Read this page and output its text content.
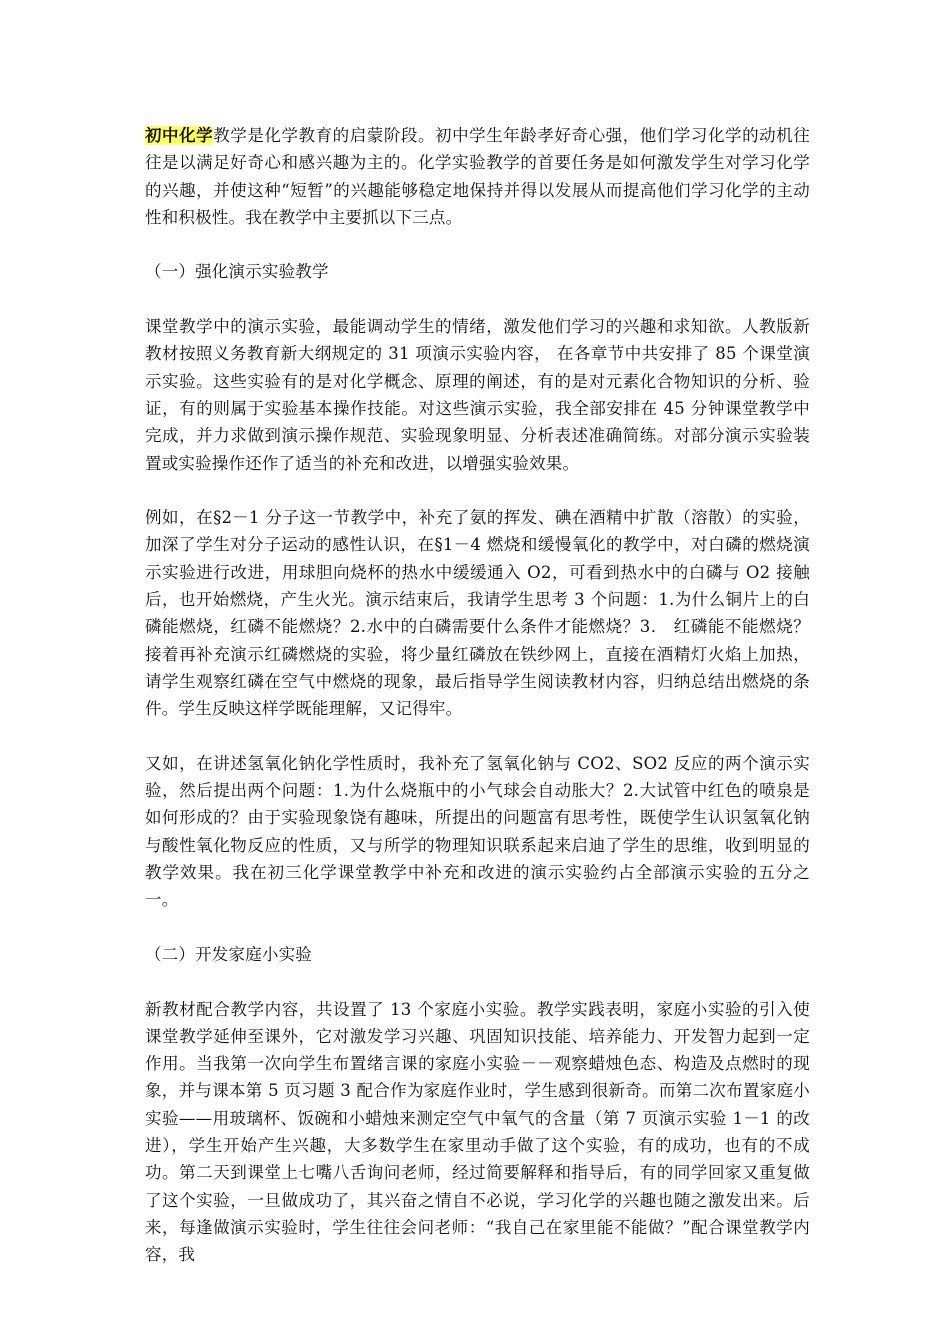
初中化学教学是化学教育的启蒙阶段。初中学生年龄孝好奇心强，他们学习化学的动机往往是以满足好奇心和感兴趣为主的。化学实验教学的首要任务是如何激发学生对学习化学的兴趣，并使这种“短暂”的兴趣能够稳定地保持并得以发展从而提高他们学习化学的主动性和积极性。我在教学中主要抓以下三点。

（一）强化演示实验教学

课堂教学中的演示实验，最能调动学生的情绪，激发他们学习的兴趣和求知欲。人教版新教材按照义务教育新大纲规定的 31 项演示实验内容， 在各章节中共安排了 85 个课堂演示实验。这些实验有的是对化学概念、原理的阐述，有的是对元素化合物知识的分析、验证，有的则属于实验基本操作技能。对这些演示实验，我全部安排在 45 分钟课堂教学中完成，并力求做到演示操作规范、实验现象明显、分析表述准确简练。对部分演示实验装置或实验操作还作了适当的补充和改进，以增强实验效果。

例如，在§2－1 分子这一节教学中，补充了氨的挥发、碘在酒精中扩散（溶散）的实验，加深了学生对分子运动的感性认识，在§1－4 燃烧和缓慢氧化的教学中，对白磷的燃烧演示实验进行改进，用球胆向烧杯的热水中缓缓通入 O2，可看到热水中的白磷与 O2 接触后，也开始燃烧，产生火光。演示结束后，我请学生思考 3 个问题：1.为什么铜片上的白磷能燃烧，红磷不能燃烧？2.水中的白磷需要什么条件才能燃烧？3． 红磷能不能燃烧？接着再补充演示红磷燃烧的实验，将少量红磷放在铁纱网上，直接在酒精灯火焰上加热，请学生观察红磷在空气中燃烧的现象，最后指导学生阅读教材内容，归纳总结出燃烧的条件。学生反映这样学既能理解，又记得牢。

又如，在讲述氢氧化钠化学性质时，我补充了氢氧化钠与 CO2、SO2 反应的两个演示实验，然后提出两个问题：1.为什么烧瓶中的小气球会自动胀大？2.大试管中红色的喷泉是如何形成的？由于实验现象饶有趣味，所提出的问题富有思考性，既使学生认识氢氧化钠与酸性氧化物反应的性质，又与所学的物理知识联系起来启迪了学生的思维，收到明显的教学效果。我在初三化学课堂教学中补充和改进的演示实验约占全部演示实验的五分之一。

（二）开发家庭小实验

新教材配合教学内容，共设置了 13 个家庭小实验。教学实践表明，家庭小实验的引入使课堂教学延伸至课外，它对激发学习兴趣、巩固知识技能、培养能力、开发智力起到一定作用。当我第一次向学生布置绪言课的家庭小实验－－观察蜡烛色态、构造及点燃时的现象，并与课本第 5 页习题 3 配合作为家庭作业时，学生感到很新奇。而第二次布置家庭小实验——用玻璃杯、饭碗和小蜡烛来测定空气中氧气的含量（第 7 页演示实验 1－1 的改进），学生开始产生兴趣，大多数学生在家里动手做了这个实验，有的成功，也有的不成功。第二天到课堂上七嘴八舌询问老师，经过简要解释和指导后，有的同学回家又重复做了这个实验，一旦做成功了，其兴奋之情自不必说，学习化学的兴趣也随之激发出来。后来，每逢做演示实验时，学生往往会问老师：“我自己在家里能不能做？”配合课堂教学内容，我
